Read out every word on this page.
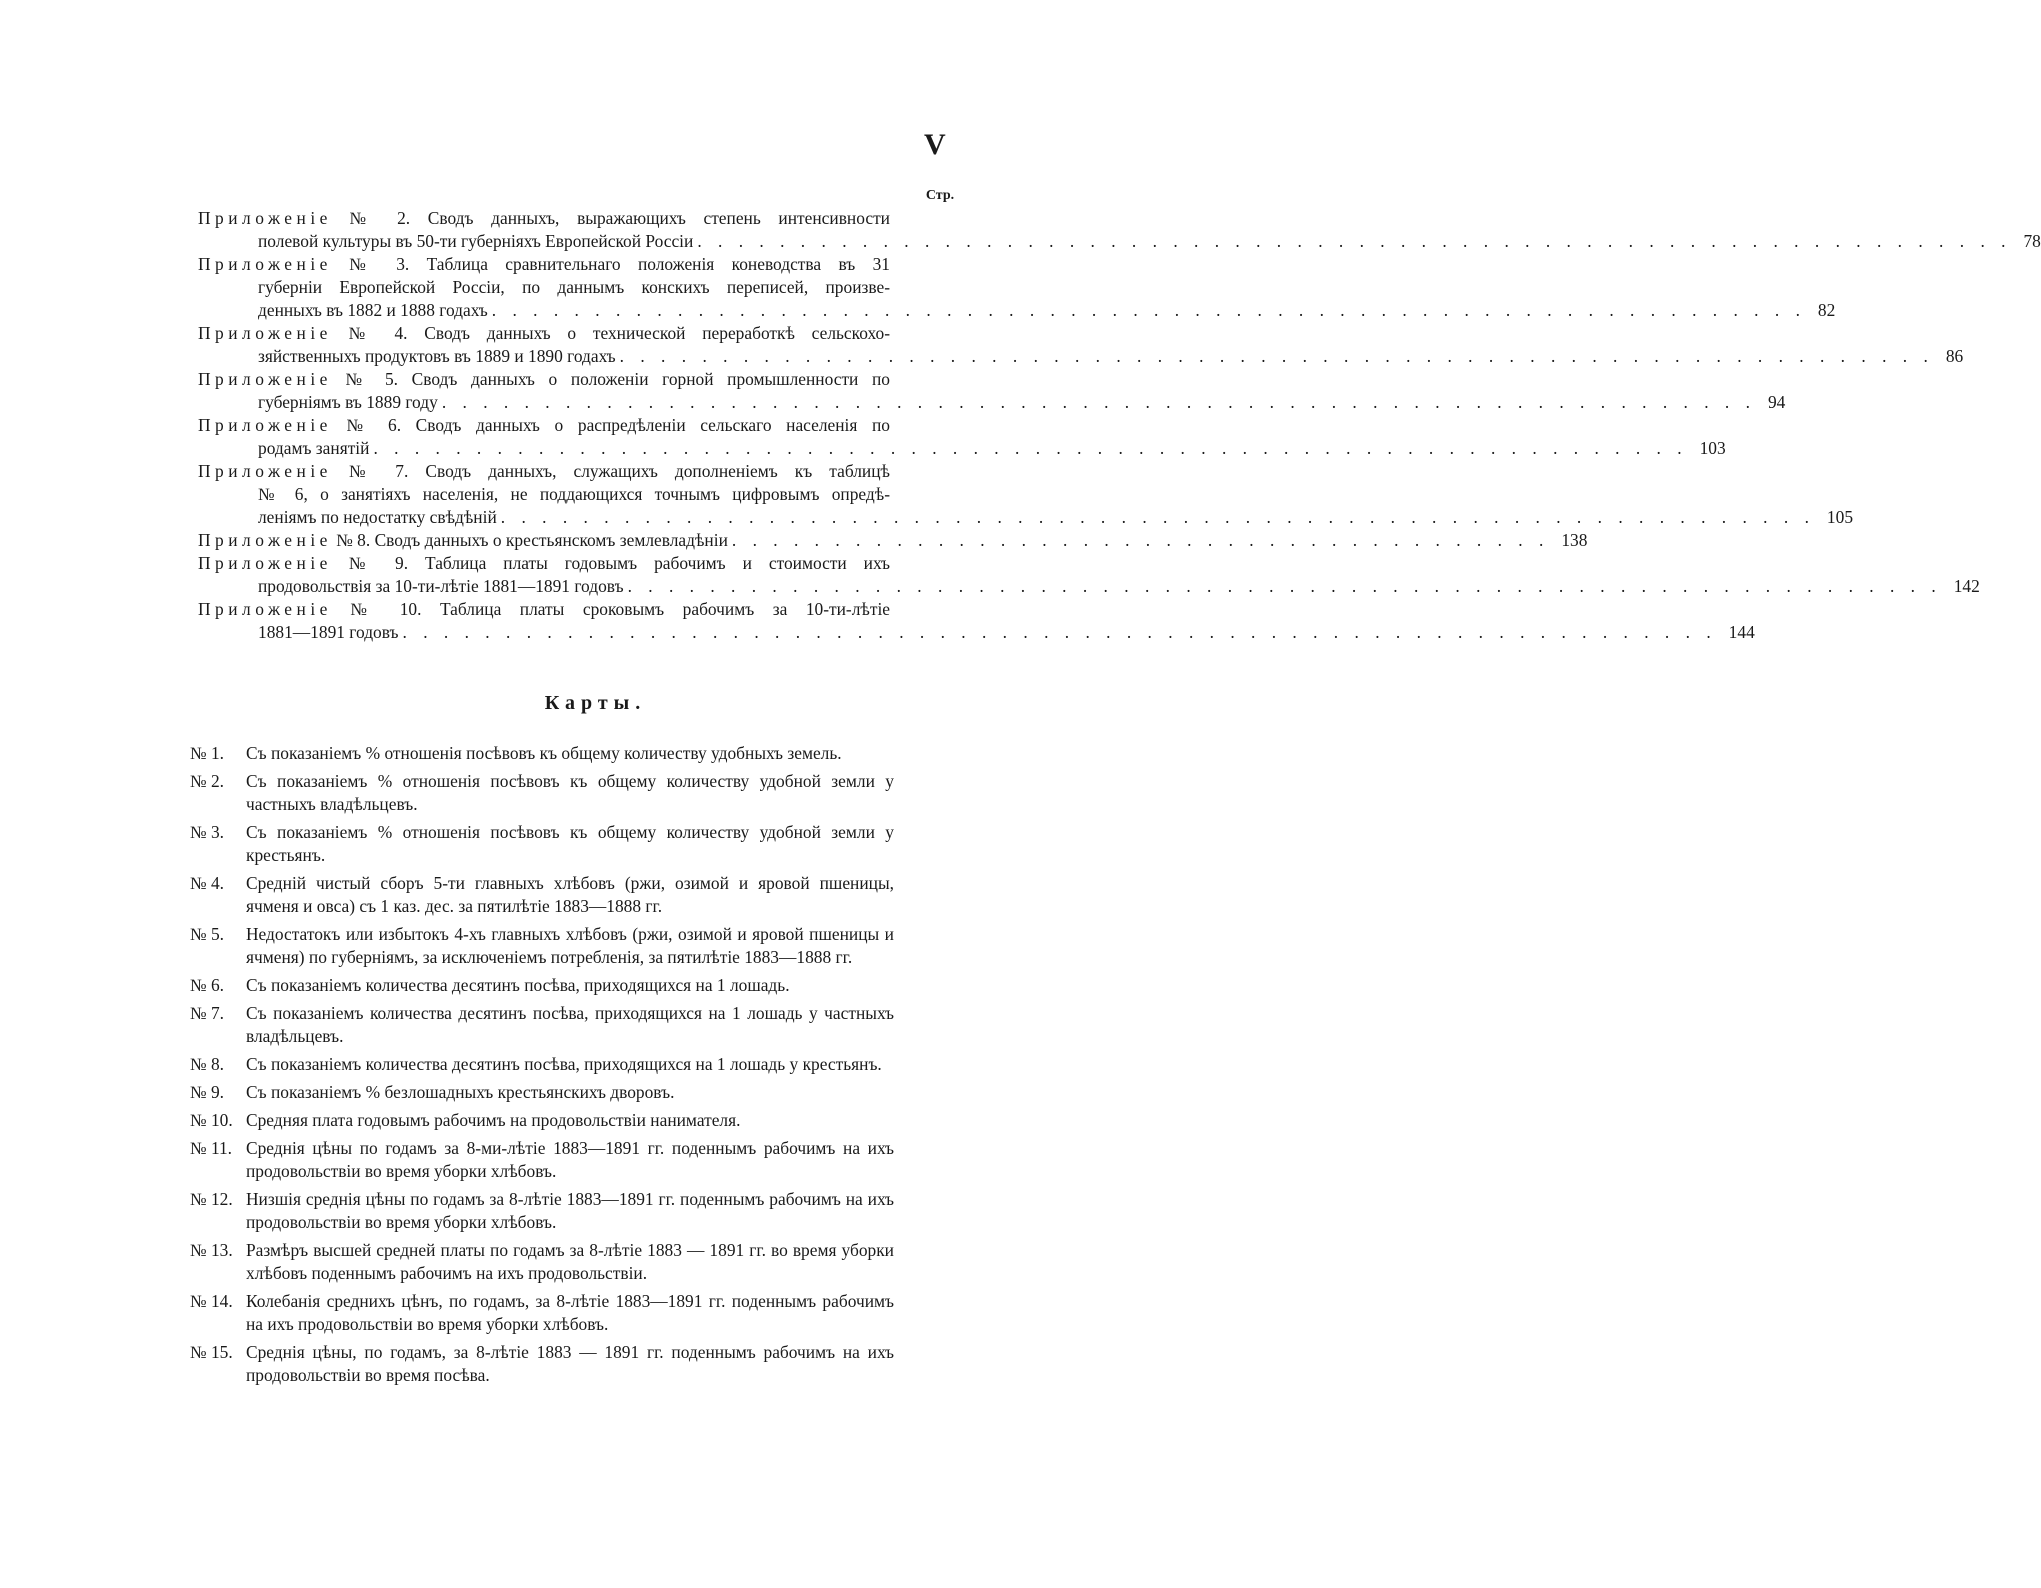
V
Стр.
Приложеніе № 2. Сводъ данныхъ, выражающихъ степень интенсивности
полевой культуры въ 50-ти губерніяхъ Европейской Россіи . . . . . . . . . . . . . . . . . . . . . . . . . . . . . . . . . . . . . . . . . . . . . . . . . . . . . . . . . . . . . . . . 78
Приложеніе № 3. Таблица сравнительнаго положенія коневодства въ 31
губерніи Европейской Россіи, по даннымъ конскихъ переписей, произве-
денныхъ въ 1882 и 1888 годахъ . . . . . . . . . . . . . . . . . . . . . . . . . . . . . . . . . . . . . . . . . . . . . . . . . . . . . . . . . . . . . . . . 82
Приложеніе № 4. Сводъ данныхъ о технической переработкѣ сельскохо-
зяйственныхъ продуктовъ въ 1889 и 1890 годахъ . . . . . . . . . . . . . . . . . . . . . . . . . . . . . . . . . . . . . . . . . . . . . . . . . . . . . . . . . . . . . . . . 86
Приложеніе № 5. Сводъ данныхъ о положеніи горной промышленности по
губерніямъ въ 1889 году . . . . . . . . . . . . . . . . . . . . . . . . . . . . . . . . . . . . . . . . . . . . . . . . . . . . . . . . . . . . . . . . 94
Приложеніе № 6. Сводъ данныхъ о распредѣленіи сельскаго населенія по
родамъ занятій . . . . . . . . . . . . . . . . . . . . . . . . . . . . . . . . . . . . . . . . . . . . . . . . . . . . . . . . . . . . . . . . 103
Приложеніе № 7. Сводъ данныхъ, служащихъ дополненіемъ къ таблицѣ
№ 6, о занятіяхъ населенія, не поддающихся точнымъ цифровымъ опредѣ-
леніямъ по недостатку свѣдѣній . . . . . . . . . . . . . . . . . . . . . . . . . . . . . . . . . . . . . . . . . . . . . . . . . . . . . . . . . . . . . . . . 105
Приложеніе № 8. Сводъ данныхъ о крестьянскомъ землевладѣніи . . . . . . . . . . . . . . . . . . . . . . . . . . . . . . . . . . . . . . . . 138
Приложеніе № 9. Таблица платы годовымъ рабочимъ и стоимости ихъ
продовольствія за 10-ти-лѣтіе 1881—1891 годовъ . . . . . . . . . . . . . . . . . . . . . . . . . . . . . . . . . . . . . . . . . . . . . . . . . . . . . . . . . . . . . . . . 142
Приложеніе № 10. Таблица платы сроковымъ рабочимъ за 10-ти-лѣтіе
1881—1891 годовъ . . . . . . . . . . . . . . . . . . . . . . . . . . . . . . . . . . . . . . . . . . . . . . . . . . . . . . . . . . . . . . . . 144
Карты.
№ 1.	Съ показаніемъ % отношенія посѣвовъ къ общему количеству удобныхъ земель.
№ 2.	Съ показаніемъ % отношенія посѣвовъ къ общему количеству удобной земли у частныхъ владѣльцевъ.
№ 3.	Съ показаніемъ % отношенія посѣвовъ къ общему количеству удобной земли у крестьянъ.
№ 4.	Средній чистый сборъ 5-ти главныхъ хлѣбовъ (ржи, озимой и яровой пшеницы, ячменя и овса) съ 1 каз. дес. за пятилѣтіе 1883—1888 гг.
№ 5.	Недостатокъ или избытокъ 4-хъ главныхъ хлѣбовъ (ржи, озимой и яровой пшеницы и ячменя) по губерніямъ, за исключеніемъ потребленія, за пятилѣтіе 1883—1888 гг.
№ 6.	Съ показаніемъ количества десятинъ посѣва, приходящихся на 1 лошадь.
№ 7.	Съ показаніемъ количества десятинъ посѣва, приходящихся на 1 лошадь у частныхъ владѣльцевъ.
№ 8.	Съ показаніемъ количества десятинъ посѣва, приходящихся на 1 лошадь у крестьянъ.
№ 9.	Съ показаніемъ % безлошадныхъ крестьянскихъ дворовъ.
№ 10. Средняя плата годовымъ рабочимъ на продовольствіи нанимателя.
№ 11. Среднія цѣны по годамъ за 8-ми-лѣтіе 1883—1891 гг. поденнымъ рабочимъ на ихъ продовольствіи во время уборки хлѣбовъ.
№ 12. Низшія среднія цѣны по годамъ за 8-лѣтіе 1883—1891 гг. поденнымъ рабочимъ на ихъ продовольствіи во время уборки хлѣбовъ.
№ 13. Размѣръ высшей средней платы по годамъ за 8-лѣтіе 1883 — 1891 гг. во время уборки хлѣбовъ поденнымъ рабочимъ на ихъ продовольствіи.
№ 14. Колебанія среднихъ цѣнъ, по годамъ, за 8-лѣтіе 1883—1891 гг. поденнымъ рабочимъ на ихъ продовольствіи во время уборки хлѣбовъ.
№ 15. Среднія цѣны, по годамъ, за 8-лѣтіе 1883 — 1891 гг. поденнымъ рабочимъ на ихъ продовольствіи во время посѣва.
